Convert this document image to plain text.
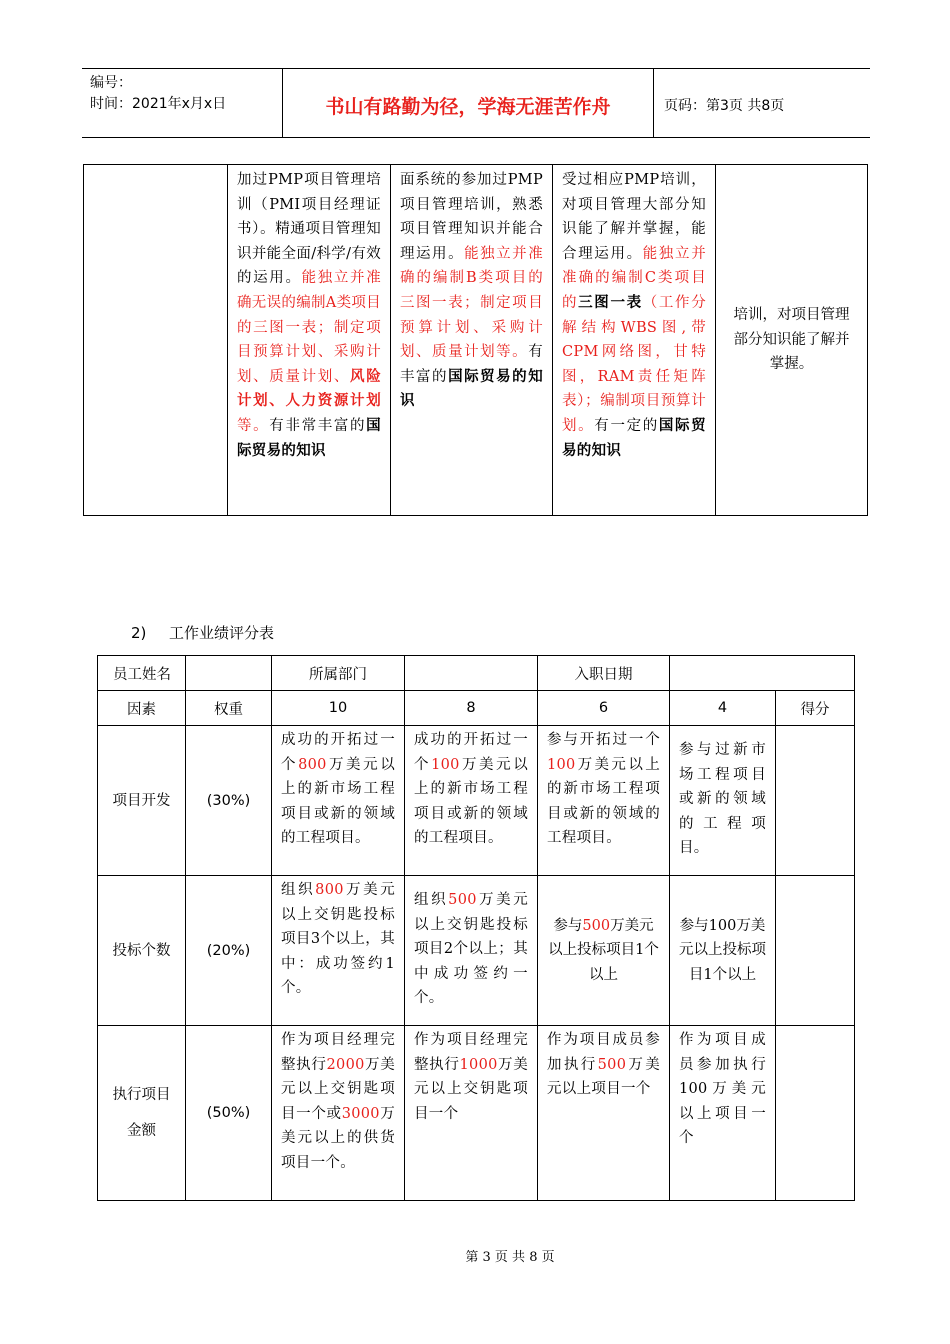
编号：
时间：2021年x月x日	书山有路勤为径，学海无涯苦作舟	页码：第3页 共8页
	加过PMP项目管理培训（PMI项目经理证书）。精通项目管理知识并能全面/科学/有效的运用。能独立并准确无误的编制A类项目的三图一表；制定项目预算计划、采购计划、质量计划、风险计划、人力资源计划等。有非常丰富的国际贸易的知识	面系统的参加过PMP项目管理培训，熟悉项目管理知识并能合理运用。能独立并准确的编制B类项目的三图一表；制定项目预算计划、采购计划、质量计划等。有丰富的国际贸易的知识	受过相应PMP培训，对项目管理大部分知识能了解并掌握，能合理运用。能独立并准确的编制C类项目的三图一表（工作分解结构WBS图,带CPM网络图，甘特图，RAM责任矩阵表）；编制项目预算计划。有一定的国际贸易的知识	培训，对项目管理部分知识能了解并掌握。
2) 工作业绩评分表
员工姓名		所属部门		入职日期		
因素	权重	10	8	6	4	得分
项目开发	(30%)	成功的开拓过一个800万美元以上的新市场工程项目或新的领域的工程项目。	成功的开拓过一个100万美元以上的新市场工程项目或新的领域的工程项目。	参与开拓过一个100万美元以上的新市场工程项目或新的领域的工程项目。	参与过新市场工程项目或新的领域的工程项目。	
投标个数	(20%)	组织800万美元以上交钥匙投标项目3个以上，其中：成功签约1个。	组织500万美元以上交钥匙投标项目2个以上；其中成功签约一个。	参与500万美元以上投标项目1个以上	参与100万美元以上投标项目1个以上	
执行项目金额	(50%)	作为项目经理完整执行2000万美元以上交钥匙项目一个或3000万美元以上的供货项目一个。	作为项目经理完整执行1000万美元以上交钥匙项目一个	作为项目成员参加执行500万美元以上项目一个	作为项目成员参加执行100万美元以上项目一个	
第 3 页 共 8 页
